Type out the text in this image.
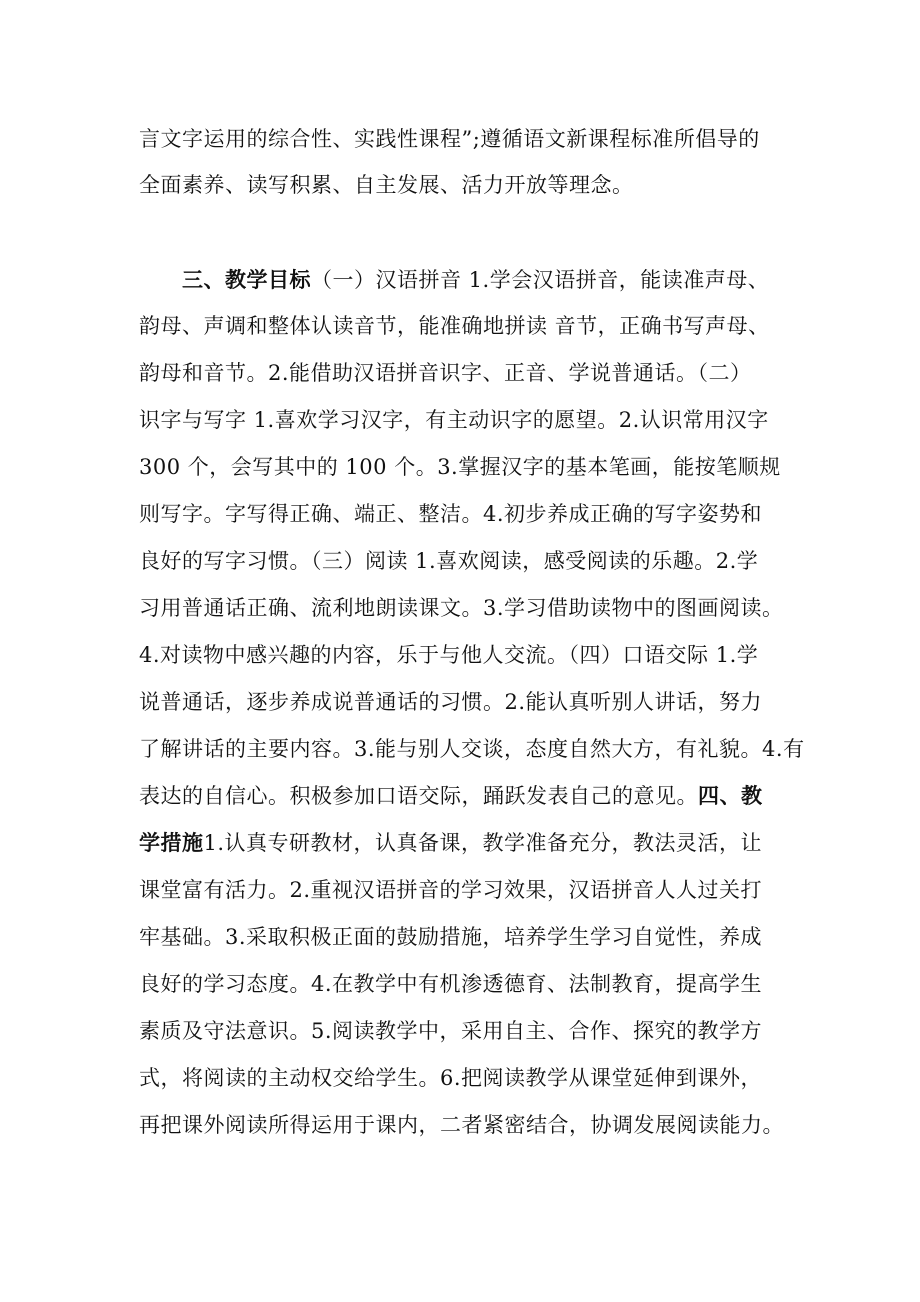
言文字运用的综合性、实践性课程”;遵循语文新课程标准所倡导的
全面素养、读写积累、自主发展、活力开放等理念。
三、教学目标（一）汉语拼音 1.学会汉语拼音，能读准声母、
韵母、声调和整体认读音节，能准确地拼读 音节，正确书写声母、
韵母和音节。2.能借助汉语拼音识字、正音、学说普通话。（二）
识字与写字 1.喜欢学习汉字，有主动识字的愿望。2.认识常用汉字
300 个，会写其中的 100 个。3.掌握汉字的基本笔画，能按笔顺规
则写字。字写得正确、端正、整洁。4.初步养成正确的写字姿势和
良好的写字习惯。（三）阅读 1.喜欢阅读，感受阅读的乐趣。2.学
习用普通话正确、流利地朗读课文。3.学习借助读物中的图画阅读。
4.对读物中感兴趣的内容，乐于与他人交流。（四）口语交际 1.学
说普通话，逐步养成说普通话的习惯。2.能认真听别人讲话，努力
了解讲话的主要内容。3.能与别人交谈，态度自然大方，有礼貌。4.有
表达的自信心。积极参加口语交际，踊跃发表自己的意见。四、教
学措施1.认真专研教材，认真备课，教学准备充分，教法灵活，让
课堂富有活力。2.重视汉语拼音的学习效果，汉语拼音人人过关打
牢基础。3.采取积极正面的鼓励措施，培养学生学习自觉性，养成
良好的学习态度。4.在教学中有机渗透德育、法制教育，提高学生
素质及守法意识。5.阅读教学中，采用自主、合作、探究的教学方
式，将阅读的主动权交给学生。6.把阅读教学从课堂延伸到课外，
再把课外阅读所得运用于课内，二者紧密结合，协调发展阅读能力。
